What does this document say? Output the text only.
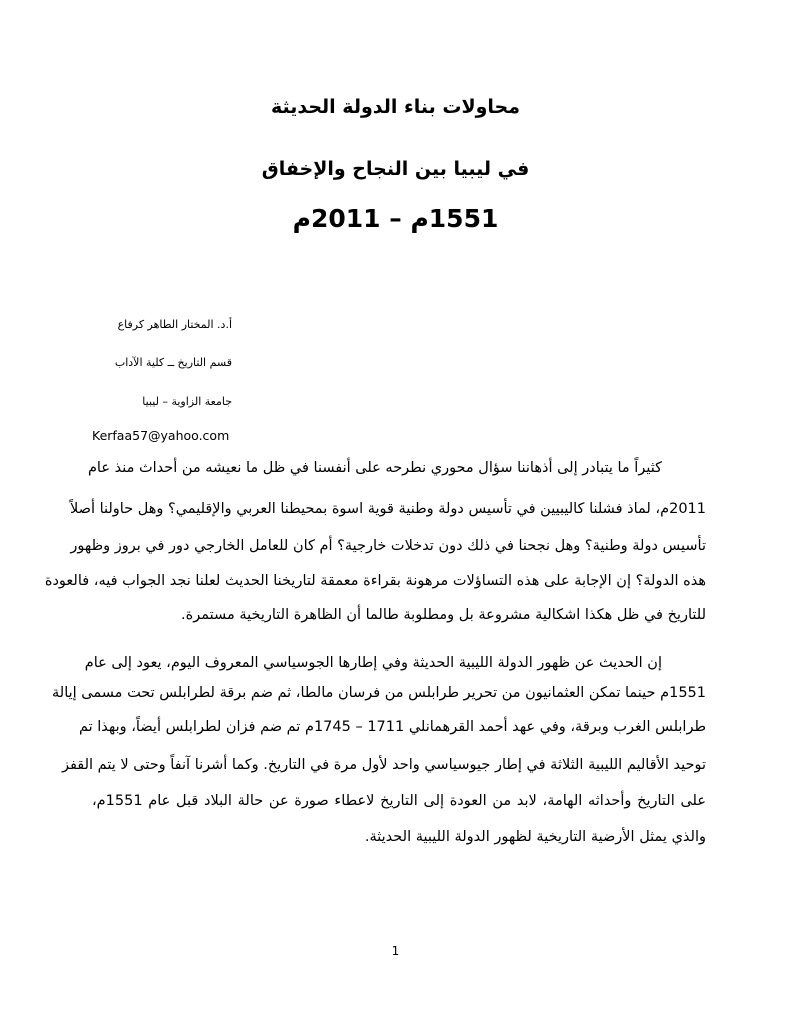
محاولات بناء الدولة الحديثة
في ليبيا بين النجاح والإخفاق
1551م – 2011م
أ.د. المختار الطاهر كرفاع
قسم التاريخ ــ كلية الآداب
جامعة الزاوية – ليبيا
Kerfaa57@yahoo.com
كثيراً ما يتبادر إلى أذهاننا سؤال محوري نطرحه على أنفسنا في ظل ما نعيشه من أحداث منذ عام
2011م، لماذ فشلنا كاليبيين في تأسيس دولة وطنية قوية اسوة بمحيطنا العربي والإقليمي؟ وهل حاولنا أصلاً
تأسيس دولة وطنية؟ وهل نجحنا في ذلك دون تدخلات خارجية؟ أم كان للعامل الخارجي دور في بروز وظهور
هذه الدولة؟ إن الإجابة على هذه التساؤلات مرهونة بقراءة معمقة لتاريخنا الحديث لعلنا نجد الجواب فيه، فالعودة
للتاريخ في ظل هكذا اشكالية مشروعة بل ومطلوبة طالما أن الظاهرة التاريخية مستمرة.
إن الحديث عن ظهور الدولة الليبية الحديثة وفي إطارها الجوسياسي المعروف اليوم، يعود إلى عام
1551م حينما تمكن العثمانيون من تحرير طرابلس من فرسان مالطا، ثم ضم برقة لطرابلس تحت مسمى إيالة
طرابلس الغرب وبرقة، وفي عهد أحمد القرهمانلي 1711 – 1745م تم ضم فزان لطرابلس أيضاً، وبهذا تم
توحيد الأقاليم الليبية الثلاثة في إطار جيوسياسي واحد لأول مرة في التاريخ. وكما أشرنا آنفاً وحتى لا يتم القفز
على التاريخ وأحداثه الهامة، لابد من العودة إلى التاريخ لاعطاء صورة عن حالة البلاد قبل عام 1551م،
والذي يمثل الأرضية التاريخية لظهور الدولة الليبية الحديثة.
1
